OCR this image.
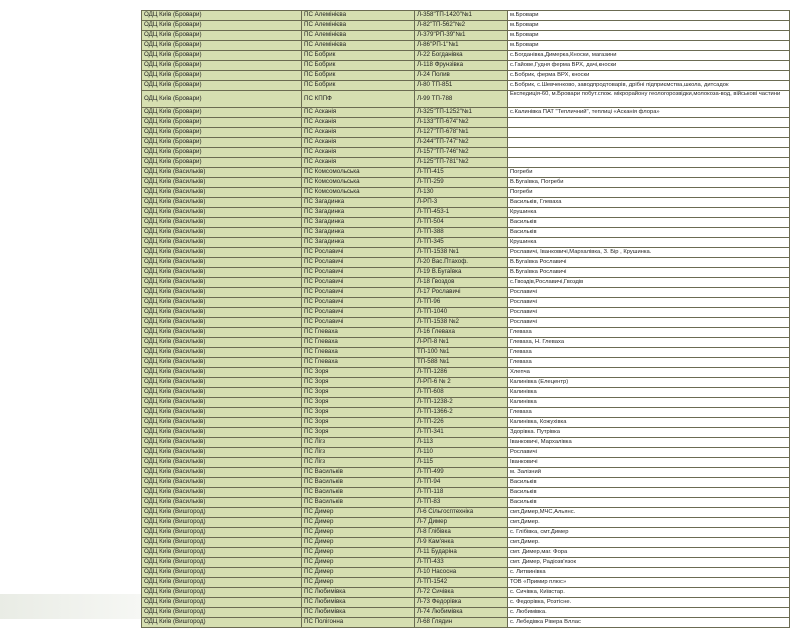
ОДЦ Київ (Бровари)	ПС Алемінієва	Л-358"ТП-1420"№1	м.Бровари
ОДЦ Київ (Бровари)	ПС Алемінієва	Л-82"ТП-562"№2	м.Бровари
ОДЦ Київ (Бровари)	ПС Алемінієва	Л-379"РП-39"№1	м.Бровари
ОДЦ Київ (Бровари)	ПС Алемінієва	Л-86"РП-1"№1	м.Бровари
ОДЦ Київ (Бровари)	ПС Бобрик	Л-22 Богданівка	с.Богданівка,Димерка,Кноски, магазини
ОДЦ Київ (Бровари)	ПС Бобрик	Л-118 Фрунзівка	с.Гайове,Гудня ферма ВРХ, дачі,кноски
ОДЦ Київ (Бровари)	ПС Бобрик	Л-24 Полив	с.Бобрик, ферма ВРХ, кноски
ОДЦ Київ (Бровари)	ПС Бобрик	Л-80 ТП-851	с.Бобрик, с.Шевченково, заводпродтоварів, дрібні підприємства,школа, дитсадок
ОДЦ Київ (Бровари)	ПС КППФ	Л-99 ТП-788	Експедиція-60, м.Бровари побут.спож. мікрорайону геологорозвідки,молокоза-вод, військові частини
ОДЦ Київ (Бровари)	ПС Асканія	Л-325"ТП-1252"№1	с.Калинівка ПАТ "Тепличний", теплиці «Асканія флора»
ОДЦ Київ (Бровари)	ПС Асканія	Л-133"ТП-674"№2	
ОДЦ Київ (Бровари)	ПС Асканія	Л-127"ТП-678"№1	
ОДЦ Київ (Бровари)	ПС Асканія	Л-244"ТП-747"№2	
ОДЦ Київ (Бровари)	ПС Асканія	Л-157"ТП-746"№2	
ОДЦ Київ (Бровари)	ПС Асканія	Л-125"ТП-781"№2	
ОДЦ Київ (Васильків)	ПС Комсомольська	Л-ТП-415	Погреби
ОДЦ Київ (Васильків)	ПС Комсомольська	Л-ТП-259	В.Бугаївка, Погреби
ОДЦ Київ (Васильків)	ПС Комсомольська	Л-130	Погреби
ОДЦ Київ (Васильків)	ПС Загадинка	Л-РП-3	Васильків, Глеваха
ОДЦ Київ (Васильків)	ПС Загадинка	Л-ТП-453-1	Крушинка
ОДЦ Київ (Васильків)	ПС Загадинка	Л-ТП-504	Васильків
ОДЦ Київ (Васильків)	ПС Загадинка	Л-ТП-388	Васильків
ОДЦ Київ (Васильків)	ПС Загадинка	Л-ТП-345	Крушинка
ОДЦ Київ (Васильків)	ПС Рославичі	Л-ТП-1538 №1	Рославичі, Іванковичі,Мархалівка, З. Бір , Крушинка.
ОДЦ Київ (Васильків)	ПС Рославичі	Л-20 Вас.Птахоф.	В.Бугаївка Рославичі
ОДЦ Київ (Васильків)	ПС Рославичі	Л-19 В.Бугаївка	В.Бугаївка Рославичі
ОДЦ Київ (Васильків)	ПС Рославичі	Л-18 Гвоздов	с.Гвоздів,Рославичі,Гвоздів
ОДЦ Київ (Васильків)	ПС Рославичі	Л-17 Рославичі	Рославичі
ОДЦ Київ (Васильків)	ПС Рославичі	Л-ТП-96	Рославичі
ОДЦ Київ (Васильків)	ПС Рославичі	Л-ТП-1040	Рославичі
ОДЦ Київ (Васильків)	ПС Рославичі	Л-ТП-1538 №2	Рославичі
ОДЦ Київ (Васильків)	ПС Глеваха	Л-16 Глеваха	Глеваха
ОДЦ Київ (Васильків)	ПС Глеваха	Л-РП-8 №1	Глеваха, Н. Глеваха
ОДЦ Київ (Васильків)	ПС Глеваха	ТП-100 №1	Глеваха
ОДЦ Київ (Васильків)	ПС Глеваха	ТП-588 №1	Глеваха
ОДЦ Київ (Васильків)	ПС Зоря	Л-ТП-1286	Хлепча
ОДЦ Київ (Васильків)	ПС Зоря	Л-РП-6 № 2	Калинівка (Елецентр)
ОДЦ Київ (Васильків)	ПС Зоря	Л-ТП-608	Калинівка
ОДЦ Київ (Васильків)	ПС Зоря	Л-ТП-1238-2	Калинівка
ОДЦ Київ (Васильків)	ПС Зоря	Л-ТП-1366-2	Глеваха
ОДЦ Київ (Васильків)	ПС Зоря	Л-ТП-226	Калинівка, Кожухівка
ОДЦ Київ (Васильків)	ПС Зоря	Л-ТП-341	Здорівка. Путрівка
ОДЦ Київ (Васильків)	ПС Лігз	Л-113	Іванковичі, Мархалівка
ОДЦ Київ (Васильків)	ПС Лігз	Л-110	Рославичі
ОДЦ Київ (Васильків)	ПС Лігз	Л-115	Іванковичі
ОДЦ Київ (Васильків)	ПС Васильків	Л-ТП-499	м. Залізний
ОДЦ Київ (Васильків)	ПС Васильків	Л-ТП-94	Васильків
ОДЦ Київ (Васильків)	ПС Васильків	Л-ТП-118	Васильків
ОДЦ Київ (Васильків)	ПС Васильків	Л-ТП-83	Васильків
ОДЦ Київ (Вишгород)	ПС Димер	Л-6 Сільгосптехніка	смт.Димер,МЧС,Альянс.
ОДЦ Київ (Вишгород)	ПС Димер	Л-7 Димер	смт.Димер.
ОДЦ Київ (Вишгород)	ПС Димер	Л-8 Глібівка	с. Глібівка, смт.Димер
ОДЦ Київ (Вишгород)	ПС Димер	Л-9 Кам'янка	смт.Димер.
ОДЦ Київ (Вишгород)	ПС Димер	Л-11 Бударіна	смт. Димер,маг. Фора
ОДЦ Київ (Вишгород)	ПС Димер	Л-ТП-433	смт. Димер, Радіозв'язок
ОДЦ Київ (Вишгород)	ПС Димер	Л-10 Насосна	с. Литвинівка
ОДЦ Київ (Вишгород)	ПС Димер	Л-ТП-1542	ТОВ «Примир плюс»
ОДЦ Київ (Вишгород)	ПС Любимівка	Л-72 Сичівка	с. Сичівка, Київстар.
ОДЦ Київ (Вишгород)	ПС Любимівка	Л-73 Федорівка	с. Федорівка, Розтісне.
ОДЦ Київ (Вишгород)	ПС Любимівка	Л-74 Любимівка	с. Любимівка.
ОДЦ Київ (Вишгород)	ПС Полігонна	Л-68 Глядин	с. Лебедівка Рівера Вллас
